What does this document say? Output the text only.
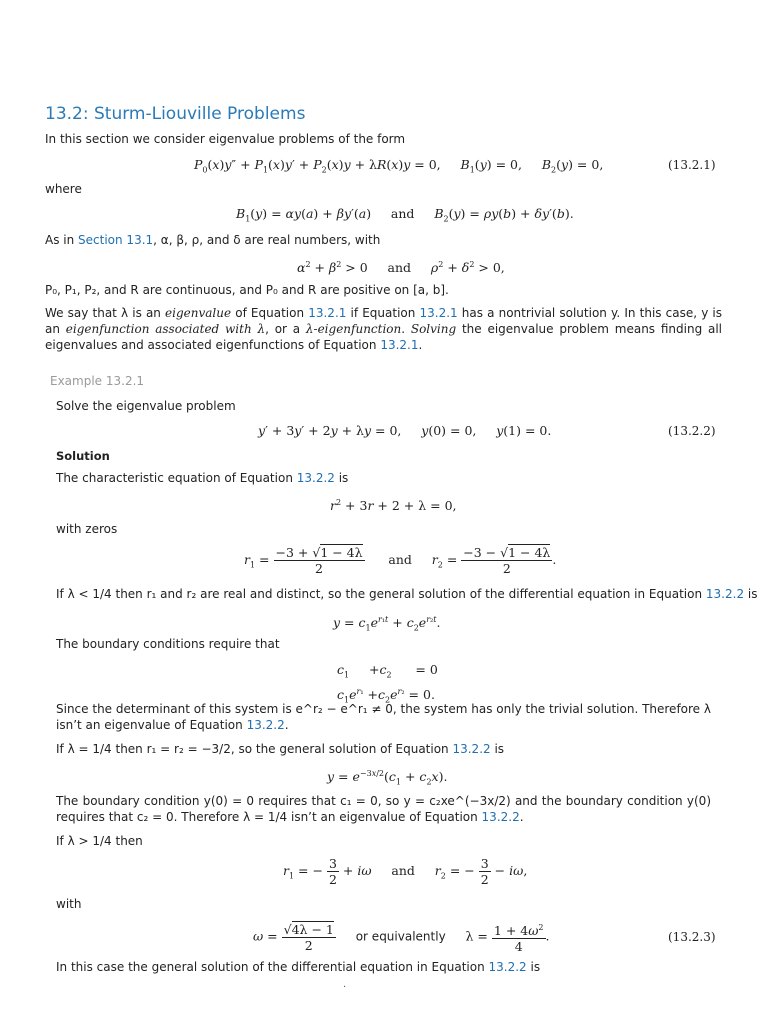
13.2: Sturm-Liouville Problems
In this section we consider eigenvalue problems of the form
$P_0(x)y'' + P_1(x)y' + P_2(x)y + \lambda R(x)y = 0$,     $B_1(y) = 0$,     $B_2(y) = 0$,	(13.2.1)
where
$B_1(y) = \alpha y(a) + \beta y'(a)$     and     $B_2(y) = \rho y(b) + \delta y'(b)$.
As in Section 13.1, α, β, ρ, and δ are real numbers, with
$\alpha^2 + \beta^2 > 0$     and     $\rho^2 + \delta^2 > 0$,
P₀, P₁, P₂, and R are continuous, and P₀ and R are positive on [a, b].
We say that λ is an eigenvalue of Equation 13.2.1 if Equation 13.2.1 has a nontrivial solution y. In this case, y is an eigenfunction associated with λ, or a λ-eigenfunction. Solving the eigenvalue problem means finding all eigenvalues and associated eigenfunctions of Equation 13.2.1.
Example 13.2.1
Solve the eigenvalue problem
y′ + 3y′ + 2y + λy = 0,     y(0) = 0,     y(1) = 0.	(13.2.2)
Solution
The characteristic equation of Equation 13.2.2 is
$r^2 + 3r + 2 + \lambda = 0$,
with zeros
$r_1 = \frac{-3 + √1 - 4\lambda}{2}$ and     $r_2 = \frac{-3 - √1 - 4\lambda}{2}$ .
If λ < 1/4 then r₁ and r₂ are real and distinct, so the general solution of the differential equation in Equation 13.2.2 is
$y = c_1e^{r_1t} + c_2e^{r_2t}$.
The boundary conditions require that
$c_1$     $+c_2$      = 0
$c_1e^{r_1} +c_2e^{r_2} = 0$.
Since the determinant of this system is e^r₂ − e^r₁ ≠ 0, the system has only the trivial solution. Therefore λ isn’t an eigenvalue of Equation 13.2.2.
If λ = 1/4 then r₁ = r₂ = −3/2, so the general solution of Equation 13.2.2 is
$y = e^{-3x/2}(c_1 + c_2x)$.
The boundary condition y(0) = 0 requires that c₁ = 0, so y = c₂xe^(−3x/2) and the boundary condition y(0) requires that c₂ = 0. Therefore λ = 1/4 isn’t an eigenvalue of Equation 13.2.2.
If λ > 1/4 then
$r_1$ = − $\frac{3}{2} + i\omega$     and     $r_2$ = − $\frac{3}{2} - i\omega$,
with
$\omega = \frac{√4\lambda - 1}{2}$ or equivalently     $\lambda = \frac{1 + 4\omega^2}{4}$ .	(13.2.3)
In this case the general solution of the differential equation in Equation 13.2.2 is
·
